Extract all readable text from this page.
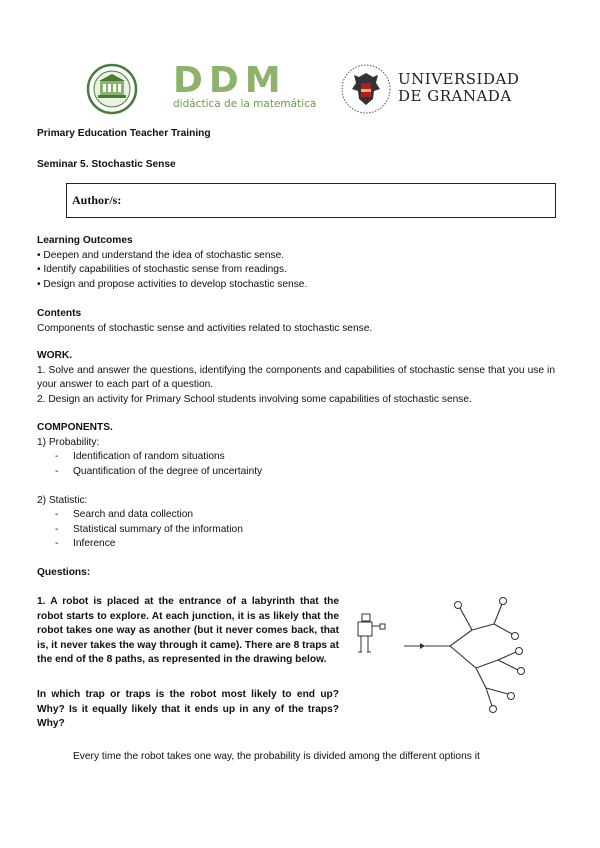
DDM
didáctica de la matemática
UNIVERSIDAD
DE GRANADA
Primary Education Teacher Training
Seminar 5. Stochastic Sense
Author/s:
Learning Outcomes
• Deepen and understand the idea of stochastic sense.
• Identify capabilities of stochastic sense from readings.
• Design and propose activities to develop stochastic sense.
Contents
Components of stochastic sense and activities related to stochastic sense.
WORK.
1. Solve and answer the questions, identifying the components and capabilities of stochastic sense that you use in your answer to each part of a question.
2. Design an activity for Primary School students involving some capabilities of stochastic sense.
COMPONENTS.
1) Probability:
- Identification of random situations
- Quantification of the degree of uncertainty
2) Statistic:
- Search and data collection
- Statistical summary of the information
- Inference
Questions:
1. A robot is placed at the entrance of a labyrinth that the robot starts to explore. At each junction, it is as likely that the robot takes one way as another (but it never comes back, that is, it never takes the way through it came). There are 8 traps at the end of the 8 paths, as represented in the drawing below.
In which trap or traps is the robot most likely to end up? Why? Is it equally likely that it ends up in any of the traps? Why?
Every time the robot takes one way, the probability is divided among the different options it
